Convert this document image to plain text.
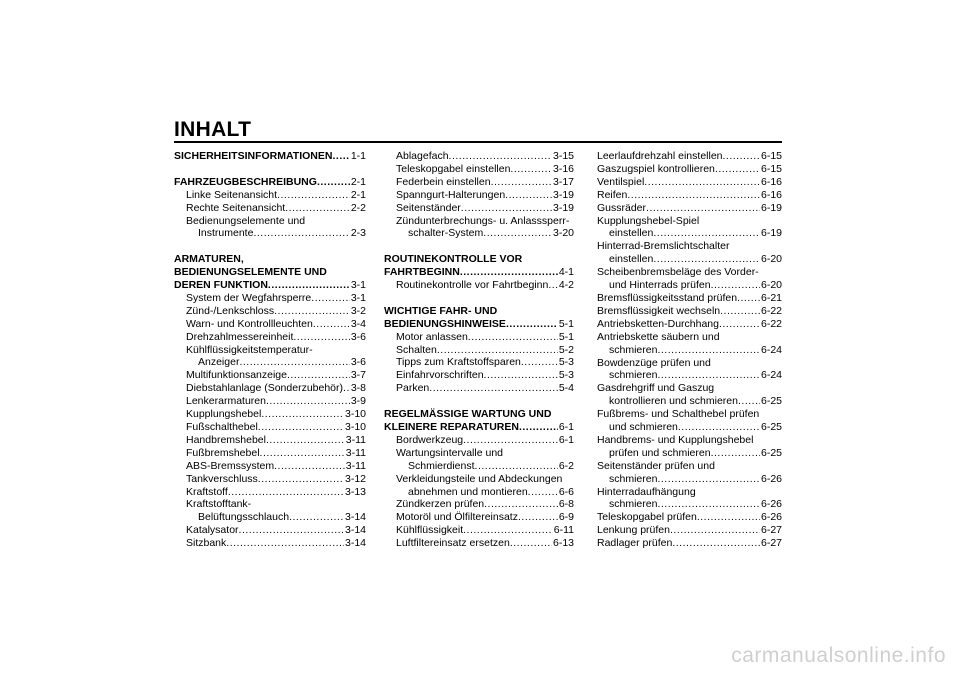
INHALT
SICHERHEITSINFORMATIONEN ..... 1-1
FAHRZEUGBESCHREIBUNG .....	2-1
Linke Seitenansicht .....	2-1
Rechte Seitenansicht .....	2-2
Bedienungselemente und
Instrumente .....	2-3
ARMATUREN,
BEDIENUNGSELEMENTE UND
DEREN FUNKTION .....	3-1
System der Wegfahrsperre .....	3-1
Zünd-/Lenkschloss .....	3-2
Warn- und Kontrollleuchten .....	3-4
Drehzahlmessereinheit .....	3-6
Kühlflüssigkeitstemperatur-
Anzeiger .....	3-6
Multifunktionsanzeige .....	3-7
Diebstahlanlage (Sonderzubehör) ..... 3-8
Lenkerarmaturen .....	3-9
Kupplungshebel .....	3-10
Fußschalthebel .....	3-10
Handbremshebel .....	3-11
Fußbremshebel .....	3-11
ABS-Bremssystem .....	3-11
Tankverschluss .....	3-12
Kraftstoff .....	3-13
Kraftstofftank-
Belüftungsschlauch .....	3-14
Katalysator .....	3-14
Sitzbank .....	3-14
Ablagefach .....	3-15
Teleskopgabel einstellen .....	3-16
Federbein einstellen .....	3-17
Spanngurt-Halterungen .....	3-19
Seitenständer .....	3-19
Zündunterbrechungs- u. Anlasssperr-
schalter-System .....	3-20
ROUTINEKONTROLLE VOR
FAHRTBEGINN .....	4-1
Routinekontrolle vor Fahrtbeginn ..... 4-2
WICHTIGE FAHR- UND
BEDIENUNGSHINWEISE .....	5-1
Motor anlassen .....	5-1
Schalten .....	5-2
Tipps zum Kraftstoffsparen .....	5-3
Einfahrvorschriften .....	5-3
Parken .....	5-4
REGELMÄSSIGE WARTUNG UND
KLEINERE REPARATUREN .....	6-1
Bordwerkzeug .....	6-1
Wartungsintervalle und
Schmierdienst .....	6-2
Verkleidungsteile und Abdeckungen
abnehmen und montieren .....	6-6
Zündkerzen prüfen .....	6-8
Motoröl und Ölfiltereinsatz .....	6-9
Kühlflüssigkeit .....	6-11
Luftfiltereinsatz ersetzen .....	6-13
Leerlaufdrehzahl einstellen .....	6-15
Gaszugspiel kontrollieren .....	6-15
Ventilspiel .....	6-16
Reifen .....	6-16
Gussräder .....	6-19
Kupplungshebel-Spiel
einstellen .....	6-19
Hinterrad-Bremslichtschalter
einstellen .....	6-20
Scheibenbremsbeläge des Vorder-
und Hinterrads prüfen .....	6-20
Bremsflüssigkeitsstand prüfen ..... 6-21
Bremsflüssigkeit wechseln .....	6-22
Antriebsketten-Durchhang .....	6-22
Antriebskette säubern und
schmieren .....	6-24
Bowdenzüge prüfen und
schmieren .....	6-24
Gasdrehgriff und Gaszug
kontrollieren und schmieren ..... 6-25
Fußbrems- und Schalthebel prüfen
und schmieren .....	6-25
Handbrems- und Kupplungshebel
prüfen und schmieren .....	6-25
Seitenständer prüfen und
schmieren .....	6-26
Hinterradaufhängung
schmieren .....	6-26
Teleskopgabel prüfen .....	6-26
Lenkung prüfen .....	6-27
Radlager prüfen .....	6-27
carmanualsonline.info
